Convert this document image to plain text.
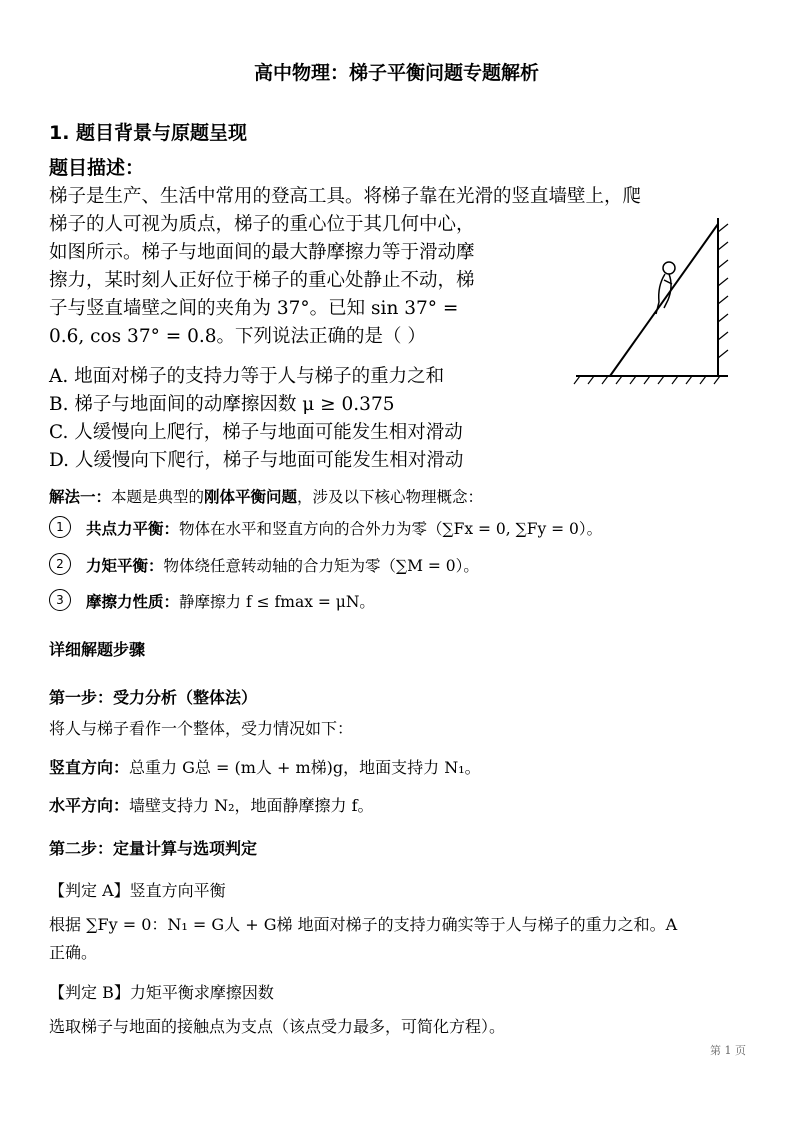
高中物理：梯子平衡问题专题解析
1. 题目背景与原题呈现
题目描述：
梯子是生产、生活中常用的登高工具。将梯子靠在光滑的竖直墙壁上，爬
梯子的人可视为质点，梯子的重心位于其几何中心，
如图所示。梯子与地面间的最大静摩擦力等于滑动摩
擦力，某时刻人正好位于梯子的重心处静止不动，梯
子与竖直墙壁之间的夹角为 37°。已知 sin 37° =
0.6, cos 37° = 0.8。下列说法正确的是（ ）
A. 地面对梯子的支持力等于人与梯子的重力之和
B. 梯子与地面间的动摩擦因数 μ ≥ 0.375
C. 人缓慢向上爬行，梯子与地面可能发生相对滑动
D. 人缓慢向下爬行，梯子与地面可能发生相对滑动
解法一：本题是典型的刚体平衡问题，涉及以下核心物理概念：
1	共点力平衡：物体在水平和竖直方向的合外力为零（∑Fx = 0, ∑Fy = 0）。
2	力矩平衡：物体绕任意转动轴的合力矩为零（∑M = 0）。
3	摩擦力性质：静摩擦力 f ≤ fmax = μN。
详细解题步骤
第一步：受力分析（整体法）
将人与梯子看作一个整体，受力情况如下：
竖直方向：总重力 G总 = (m人 + m梯)g，地面支持力 N₁。
水平方向：墙壁支持力 N₂，地面静摩擦力 f。
第二步：定量计算与选项判定
【判定 A】竖直方向平衡
根据 ∑Fy = 0：N₁ = G人 + G梯 地面对梯子的支持力确实等于人与梯子的重力之和。A
正确。
【判定 B】力矩平衡求摩擦因数
选取梯子与地面的接触点为支点（该点受力最多，可简化方程）。
第 1 页
